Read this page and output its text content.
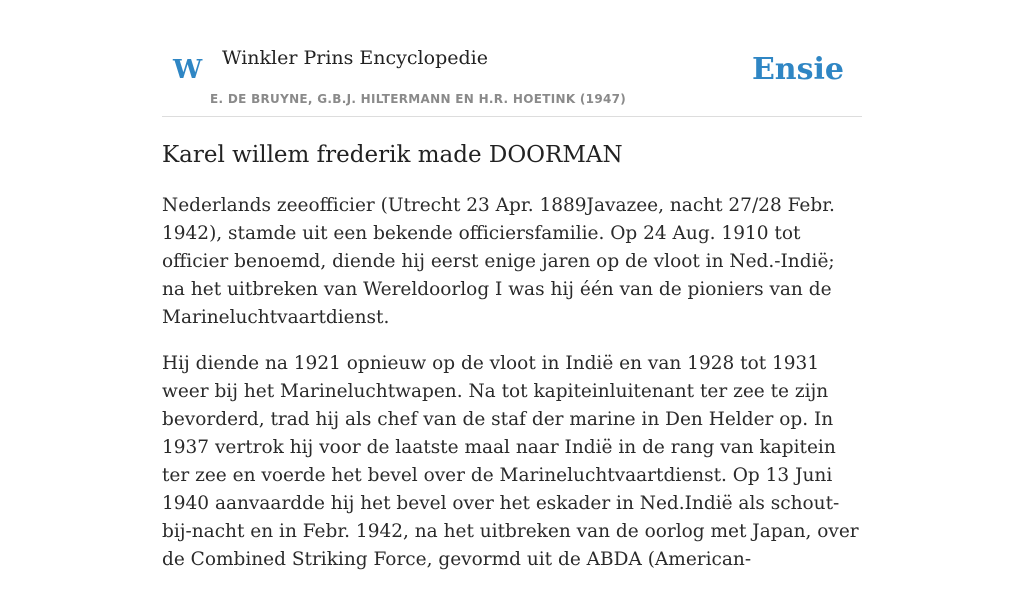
W Winkler Prins Encyclopedie
E. DE BRUYNE, G.B.J. HILTERMANN EN H.R. HOETINK (1947)
Ensie
Karel willem frederik made DOORMAN

Nederlands zeeofficier (Utrecht 23 Apr. 1889Javazee, nacht 27/28 Febr. 1942), stamde uit een bekende officiersfamilie. Op 24 Aug. 1910 tot officier benoemd, diende hij eerst enige jaren op de vloot in Ned.-Indië; na het uitbreken van Wereldoorlog I was hij één van de pioniers van de Marineluchtvaartdienst.

Hij diende na 1921 opnieuw op de vloot in Indië en van 1928 tot 1931 weer bij het Marineluchtwapen. Na tot kapiteinluitenant ter zee te zijn bevorderd, trad hij als chef van de staf der marine in Den Helder op. In 1937 vertrok hij voor de laatste maal naar Indië in de rang van kapitein ter zee en voerde het bevel over de Marineluchtvaartdienst. Op 13 Juni 1940 aanvaardde hij het bevel over het eskader in Ned.Indië als schout-bij-nacht en in Febr. 1942, na het uitbreken van de oorlog met Japan, over de Combined Striking Force, gevormd uit de ABDA (American-
